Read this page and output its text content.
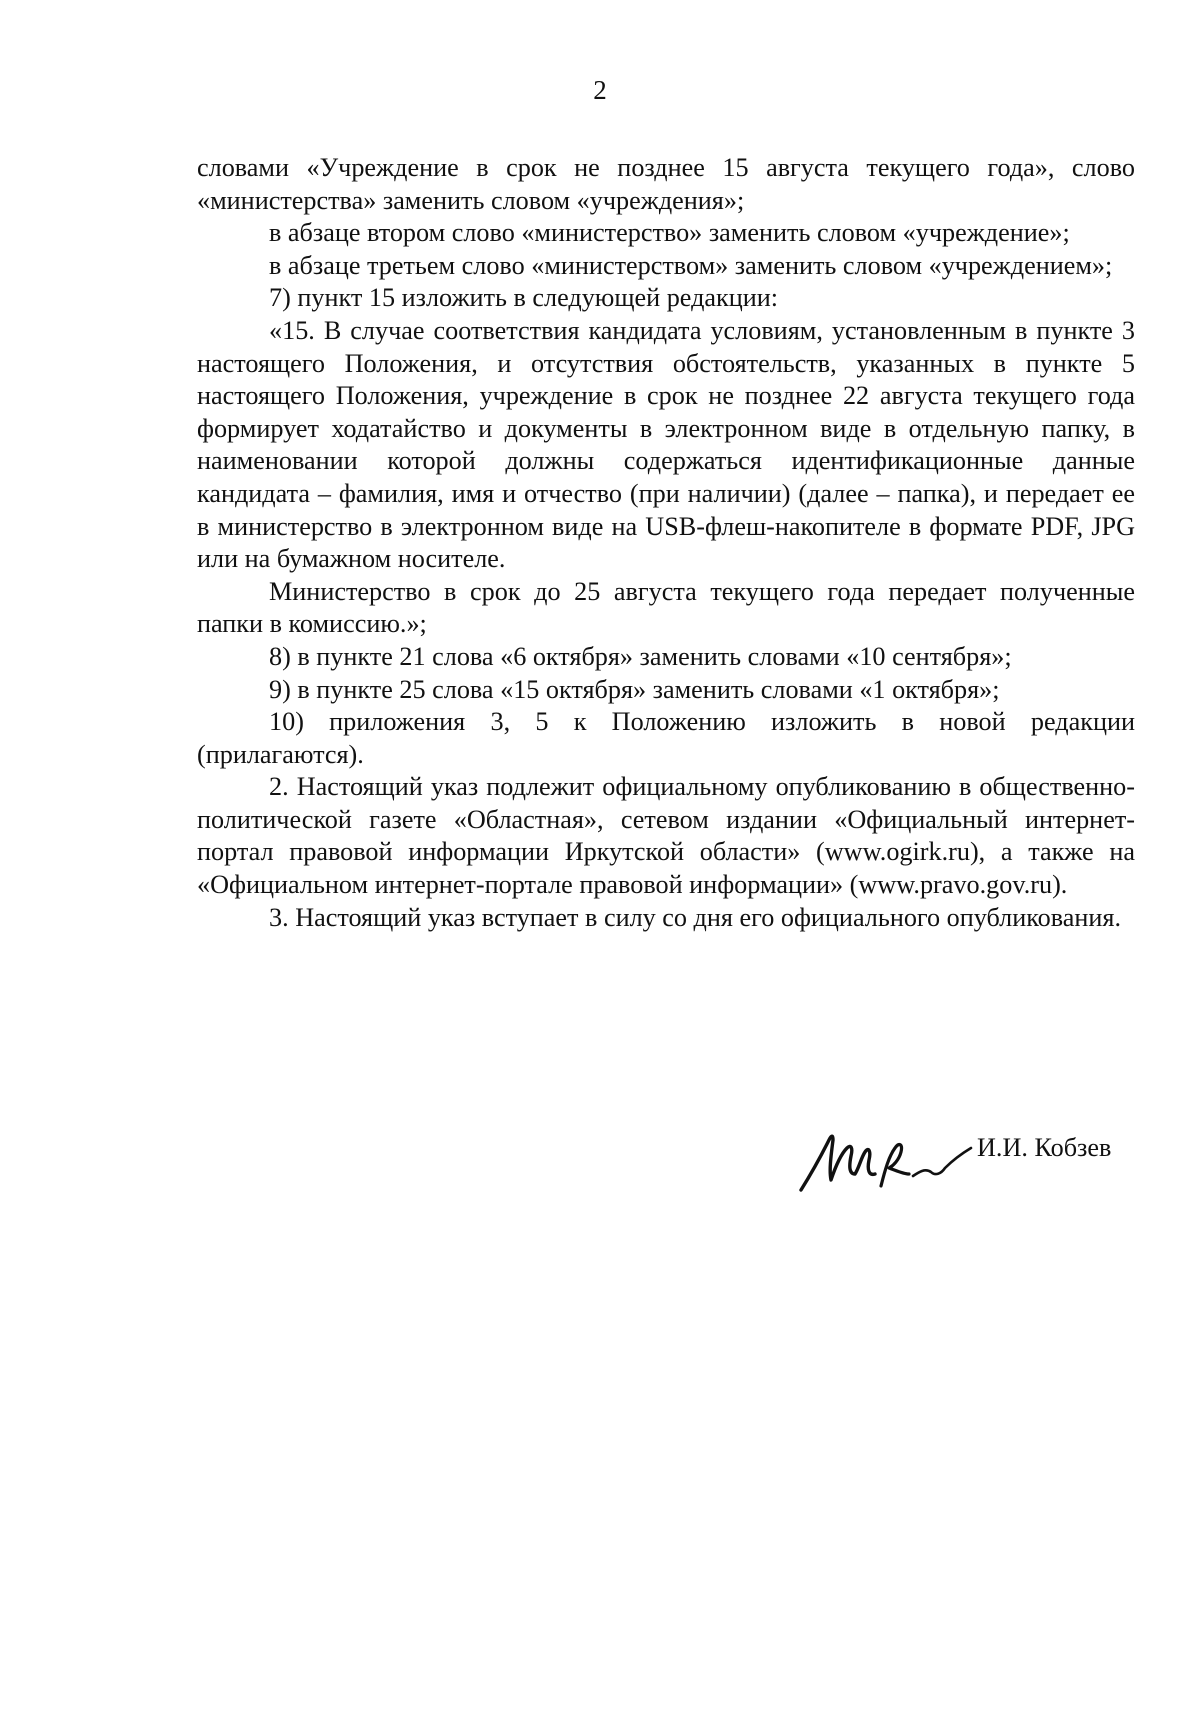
2

словами «Учреждение в срок не позднее 15 августа текущего года», слово «министерства» заменить словом «учреждения»;

в абзаце втором слово «министерство» заменить словом «учреждение»;

в абзаце третьем слово «министерством» заменить словом «учреждением»;

7) пункт 15 изложить в следующей редакции:

«15. В случае соответствия кандидата условиям, установленным в пункте 3 настоящего Положения, и отсутствия обстоятельств, указанных в пункте 5 настоящего Положения, учреждение в срок не позднее 22 августа текущего года формирует ходатайство и документы в электронном виде в отдельную папку, в наименовании которой должны содержаться идентификационные данные кандидата – фамилия, имя и отчество (при наличии) (далее – папка), и передает ее в министерство в электронном виде на USB-флеш-накопителе в формате PDF, JPG или на бумажном носителе.

Министерство в срок до 25 августа текущего года передает полученные папки в комиссию.»;

8) в пункте 21 слова «6 октября» заменить словами «10 сентября»;

9) в пункте 25 слова «15 октября» заменить словами «1 октября»;

10) приложения 3, 5 к Положению изложить в новой редакции (прилагаются).

2. Настоящий указ подлежит официальному опубликованию в общественно-политической газете «Областная», сетевом издании «Официальный интернет-портал правовой информации Иркутской области» (www.ogirk.ru), а также на «Официальном интернет-портале правовой информации» (www.pravo.gov.ru).

3. Настоящий указ вступает в силу со дня его официального опубликования.

И.И. Кобзев
